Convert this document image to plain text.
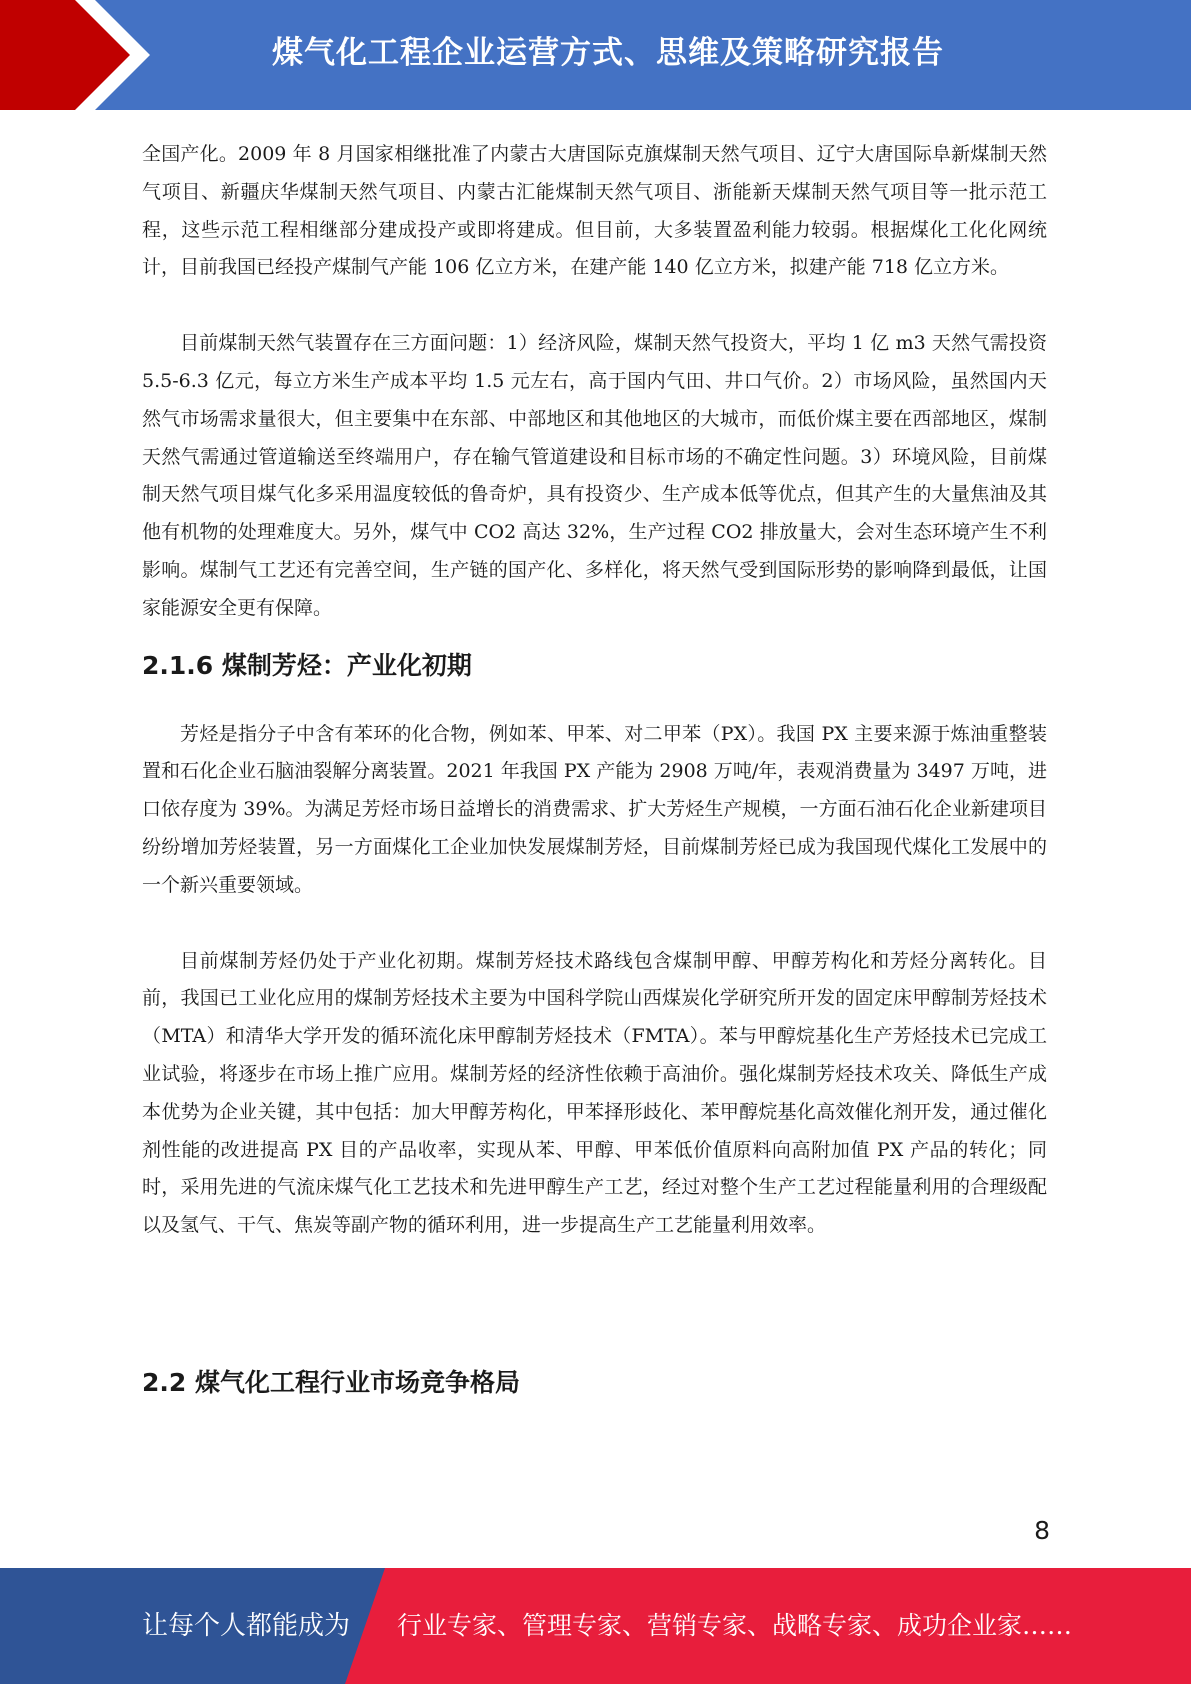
煤气化工程企业运营方式、思维及策略研究报告

全国产化。2009 年 8 月国家相继批准了内蒙古大唐国际克旗煤制天然气项目、辽宁大唐国际阜新煤制天然气项目、新疆庆华煤制天然气项目、内蒙古汇能煤制天然气项目、浙能新天煤制天然气项目等一批示范工程，这些示范工程相继部分建成投产或即将建成。但目前，大多装置盈利能力较弱。根据煤化工化化网统计，目前我国已经投产煤制气产能 106 亿立方米，在建产能 140 亿立方米，拟建产能 718 亿立方米。

目前煤制天然气装置存在三方面问题：1）经济风险，煤制天然气投资大，平均 1 亿 m3 天然气需投资 5.5-6.3 亿元，每立方米生产成本平均 1.5 元左右，高于国内气田、井口气价。2）市场风险，虽然国内天然气市场需求量很大，但主要集中在东部、中部地区和其他地区的大城市，而低价煤主要在西部地区，煤制天然气需通过管道输送至终端用户，存在输气管道建设和目标市场的不确定性问题。3）环境风险，目前煤制天然气项目煤气化多采用温度较低的鲁奇炉，具有投资少、生产成本低等优点，但其产生的大量焦油及其他有机物的处理难度大。另外，煤气中 CO2 高达 32%，生产过程 CO2 排放量大，会对生态环境产生不利影响。煤制气工艺还有完善空间，生产链的国产化、多样化，将天然气受到国际形势的影响降到最低，让国家能源安全更有保障。

2.1.6 煤制芳烃：产业化初期

芳烃是指分子中含有苯环的化合物，例如苯、甲苯、对二甲苯（PX）。我国 PX 主要来源于炼油重整装置和石化企业石脑油裂解分离装置。2021 年我国 PX 产能为 2908 万吨/年，表观消费量为 3497 万吨，进口依存度为 39%。为满足芳烃市场日益增长的消费需求、扩大芳烃生产规模，一方面石油石化企业新建项目纷纷增加芳烃装置，另一方面煤化工企业加快发展煤制芳烃，目前煤制芳烃已成为我国现代煤化工发展中的一个新兴重要领域。

目前煤制芳烃仍处于产业化初期。煤制芳烃技术路线包含煤制甲醇、甲醇芳构化和芳烃分离转化。目前，我国已工业化应用的煤制芳烃技术主要为中国科学院山西煤炭化学研究所开发的固定床甲醇制芳烃技术（MTA）和清华大学开发的循环流化床甲醇制芳烃技术（FMTA）。苯与甲醇烷基化生产芳烃技术已完成工业试验，将逐步在市场上推广应用。煤制芳烃的经济性依赖于高油价。强化煤制芳烃技术攻关、降低生产成本优势为企业关键，其中包括：加大甲醇芳构化，甲苯择形歧化、苯甲醇烷基化高效催化剂开发，通过催化剂性能的改进提高 PX 目的产品收率，实现从苯、甲醇、甲苯低价值原料向高附加值 PX 产品的转化；同时，采用先进的气流床煤气化工艺技术和先进甲醇生产工艺，经过对整个生产工艺过程能量利用的合理级配以及氢气、干气、焦炭等副产物的循环利用，进一步提高生产工艺能量利用效率。

2.2 煤气化工程行业市场竞争格局
8
让每个人都能成为 行业专家、管理专家、营销专家、战略专家、成功企业家……
